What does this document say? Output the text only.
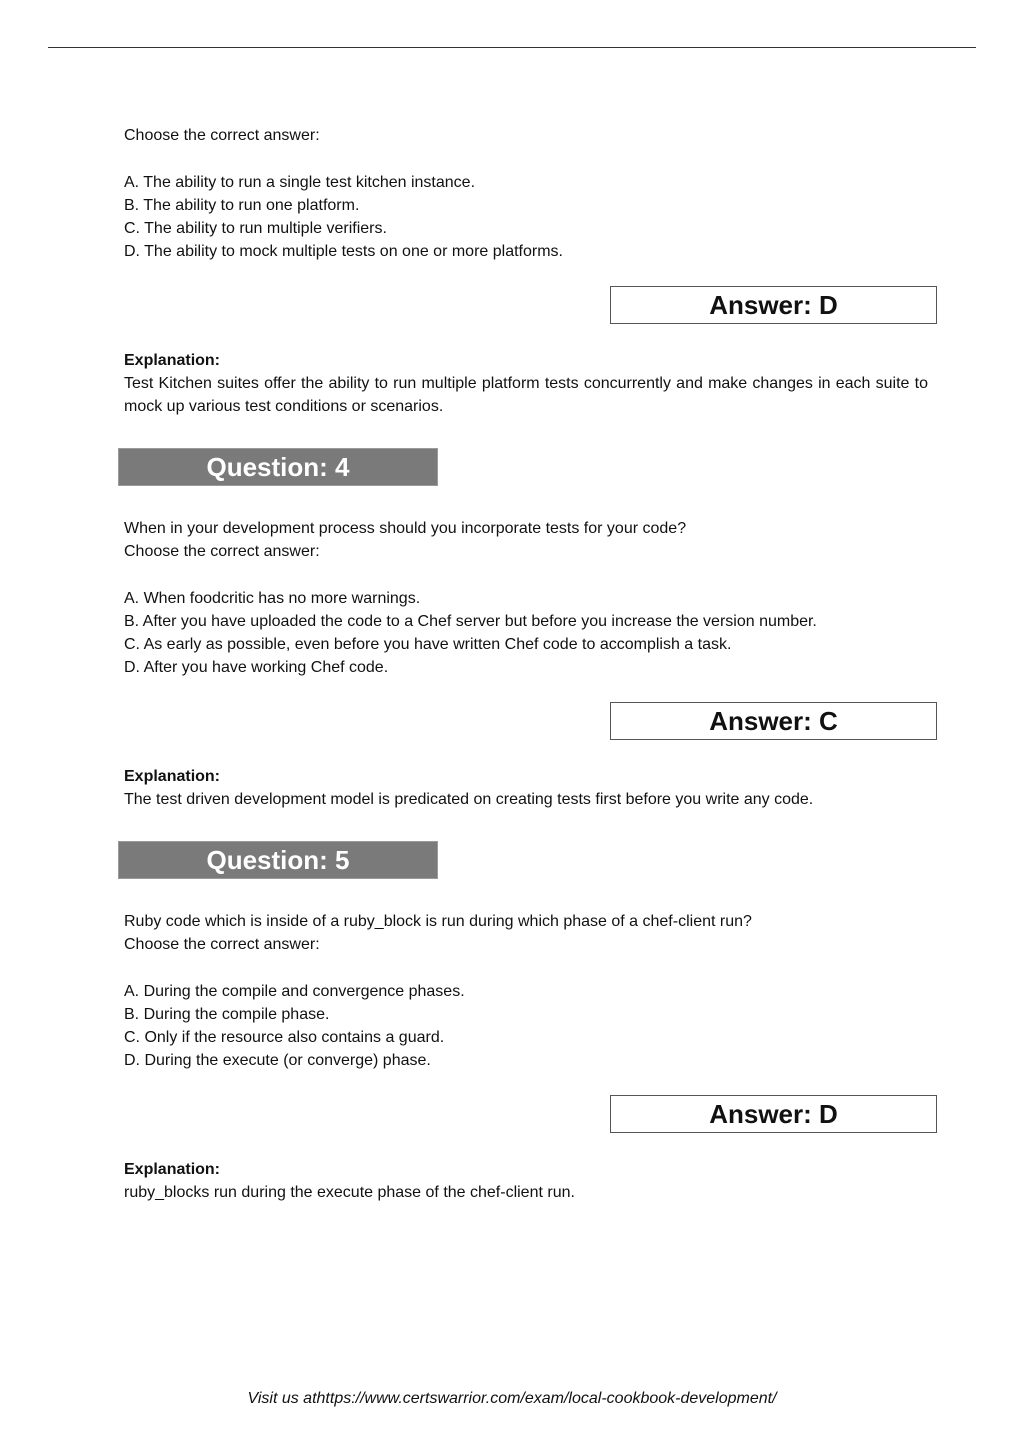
Choose the correct answer:
A. The ability to run a single test kitchen instance.
B. The ability to run one platform.
C. The ability to run multiple verifiers.
D. The ability to mock multiple tests on one or more platforms.
Answer: D
Explanation:
Test Kitchen suites offer the ability to run multiple platform tests concurrently and make changes in each suite to mock up various test conditions or scenarios.
Question: 4
When in your development process should you incorporate tests for your code?
Choose the correct answer:
A. When foodcritic has no more warnings.
B. After you have uploaded the code to a Chef server but before you increase the version number.
C. As early as possible, even before you have written Chef code to accomplish a task.
D. After you have working Chef code.
Answer: C
Explanation:
The test driven development model is predicated on creating tests first before you write any code.
Question: 5
Ruby code which is inside of a ruby_block is run during which phase of a chef-client run?
Choose the correct answer:
A. During the compile and convergence phases.
B. During the compile phase.
C. Only if the resource also contains a guard.
D. During the execute (or converge) phase.
Answer: D
Explanation:
ruby_blocks run during the execute phase of the chef-client run.
Visit us athttps://www.certswarrior.com/exam/local-cookbook-development/
